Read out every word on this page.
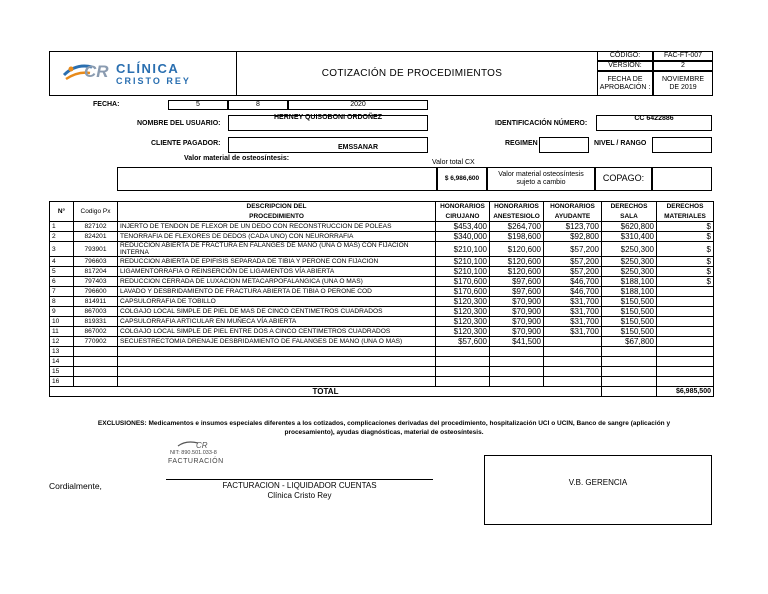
CR CLÍNICA
CRISTO REY
COTIZACIÓN DE PROCEDIMIENTOS
CÓDIGO:	FAC-FT-007
VERSIÓN:	2
FECHA DE APROBACIÓN :
NOVIEMBRE DE 2019
FECHA:	5	8	2020
NOMBRE DEL USUARIO:
HERNEY QUISOBONI ORDOÑEZ
IDENTIFICACIÓN NÚMERO:
CC 6422886
CLIENTE PAGADOR:
EMSSANAR
REGIMEN	NIVEL / RANGO
Valor material de osteosíntesis:
Valor total CX
$ 6,986,600
Valor material osteosíntesis sujeto a cambio	COPAGO:
N°	Codigo Px	DESCRIPCION DEL	HONORARIOS	HONORARIOS	HONORARIOS	DERECHOS	DERECHOS
		PROCEDIMIENTO	CIRUJANO	ANESTESIOLO	AYUDANTE	SALA	MATERIALES
1	827102	INJERTO DE TENDON DE FLEXOR DE UN DEDO CON RECONSTRUCCION DE POLEAS	$453,400	$264,700	$123,700	$620,800	$
2	824201	TENORRAFIA DE FLEXORES DE DEDOS (CADA UNO) CON NEURORRAFIA	$340,000	$198,600	$92,800	$310,400	$
3	793901	REDUCCION ABIERTA DE FRACTURA EN FALANGES DE MANO (UNA O MAS) CON FIJACION INTERNA	$210,100	$120,600	$57,200	$250,300	$
4	796603	REDUCCION ABIERTA DE EPIFISIS SEPARADA DE TIBIA Y PERONE CON FIJACION	$210,100	$120,600	$57,200	$250,300	$
5	817204	LIGAMENTORRAFIA O REINSERCIÓN DE LIGAMENTOS VÍA ABIERTA	$210,100	$120,600	$57,200	$250,300	$
6	797403	REDUCCION CERRADA DE LUXACION METACARPOFALANGICA (UNA O MAS)	$170,600	$97,600	$46,700	$188,100	$
7	796600	LAVADO Y DESBRIDAMIENTO DE FRACTURA ABIERTA DE TIBIA O PERONE COD	$170,600	$97,600	$46,700	$188,100	
8	814911	CAPSULORRAFIA DE TOBILLO	$120,300	$70,900	$31,700	$150,500	
9	867003	COLGAJO LOCAL SIMPLE DE PIEL DE MAS DE CINCO CENTIMETROS CUADRADOS	$120,300	$70,900	$31,700	$150,500	
10	819331	CAPSULORRAFIA ARTICULAR EN MUÑECA VÍA ABIERTA	$120,300	$70,900	$31,700	$150,500	
11	867002	COLGAJO LOCAL SIMPLE DE PIEL ENTRE DOS A CINCO CENTIMETROS CUADRADOS	$120,300	$70,900	$31,700	$150,500	
12	770902	SECUESTRECTOMIA DRENAJE DESBRIDAMIENTO DE FALANGES DE MANO (UNA O MAS)	$57,600	$41,500		$67,800	
13							
14							
15							
16							
TOTAL							$6,985,500
EXCLUSIONES: Medicamentos e insumos especiales diferentes a los cotizados, complicaciones derivadas del procedimiento, hospitalización UCI o UCIN, Banco de sangre (aplicación y procesamiento), ayudas diagnósticas, material de osteosíntesis.
CR
NIT: 890.501.033-8
FACTURACIÓN
Cordialmente,	FACTURACION - LIQUIDADOR CUENTAS
Clínica Cristo Rey
V.B. GERENCIA
